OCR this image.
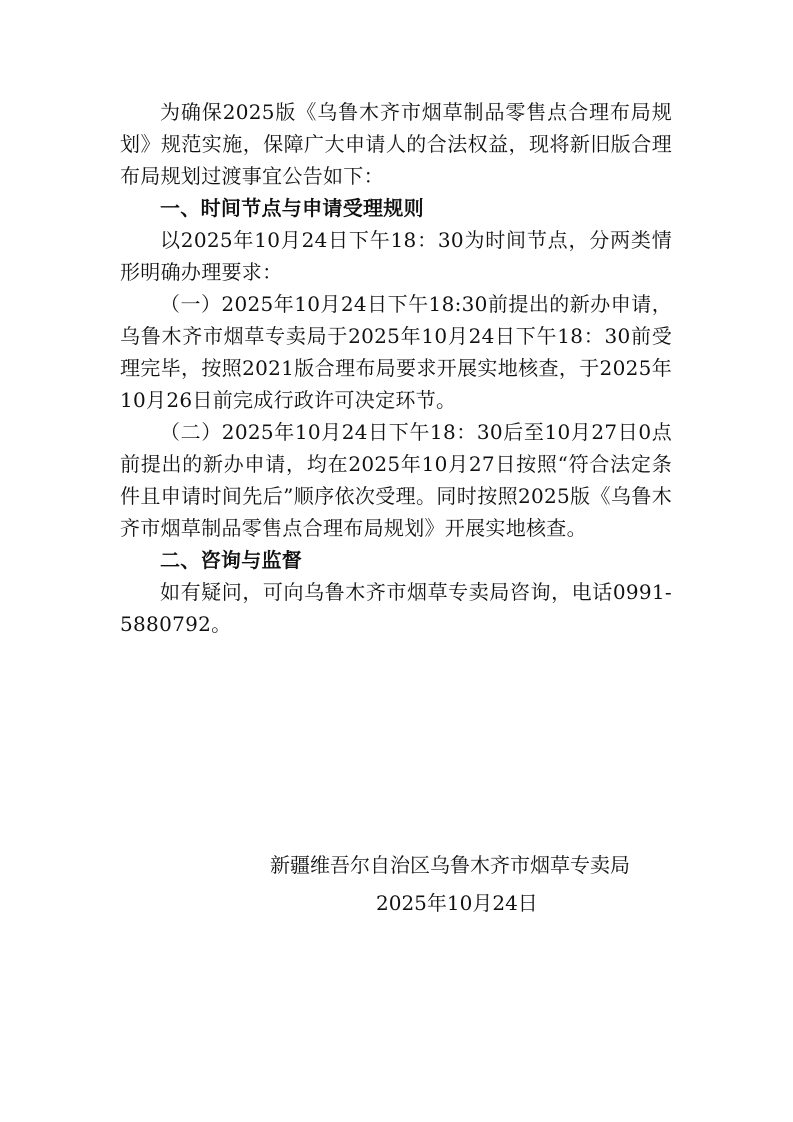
为确保2025版《乌鲁木齐市烟草制品零售点合理布局规划》规范实施，保障广大申请人的合法权益，现将新旧版合理布局规划过渡事宜公告如下：

一、时间节点与申请受理规则

以2025年10月24日下午18：30为时间节点，分两类情形明确办理要求：

（一）2025年10月24日下午18:30前提出的新办申请，乌鲁木齐市烟草专卖局于2025年10月24日下午18：30前受理完毕，按照2021版合理布局要求开展实地核查，于2025年10月26日前完成行政许可决定环节。

（二）2025年10月24日下午18：30后至10月27日0点前提出的新办申请，均在2025年10月27日按照“符合法定条件且申请时间先后”顺序依次受理。同时按照2025版《乌鲁木齐市烟草制品零售点合理布局规划》开展实地核查。

二、咨询与监督

如有疑问，可向乌鲁木齐市烟草专卖局咨询，电话0991-5880792。

新疆维吾尔自治区乌鲁木齐市烟草专卖局
2025年10月24日
